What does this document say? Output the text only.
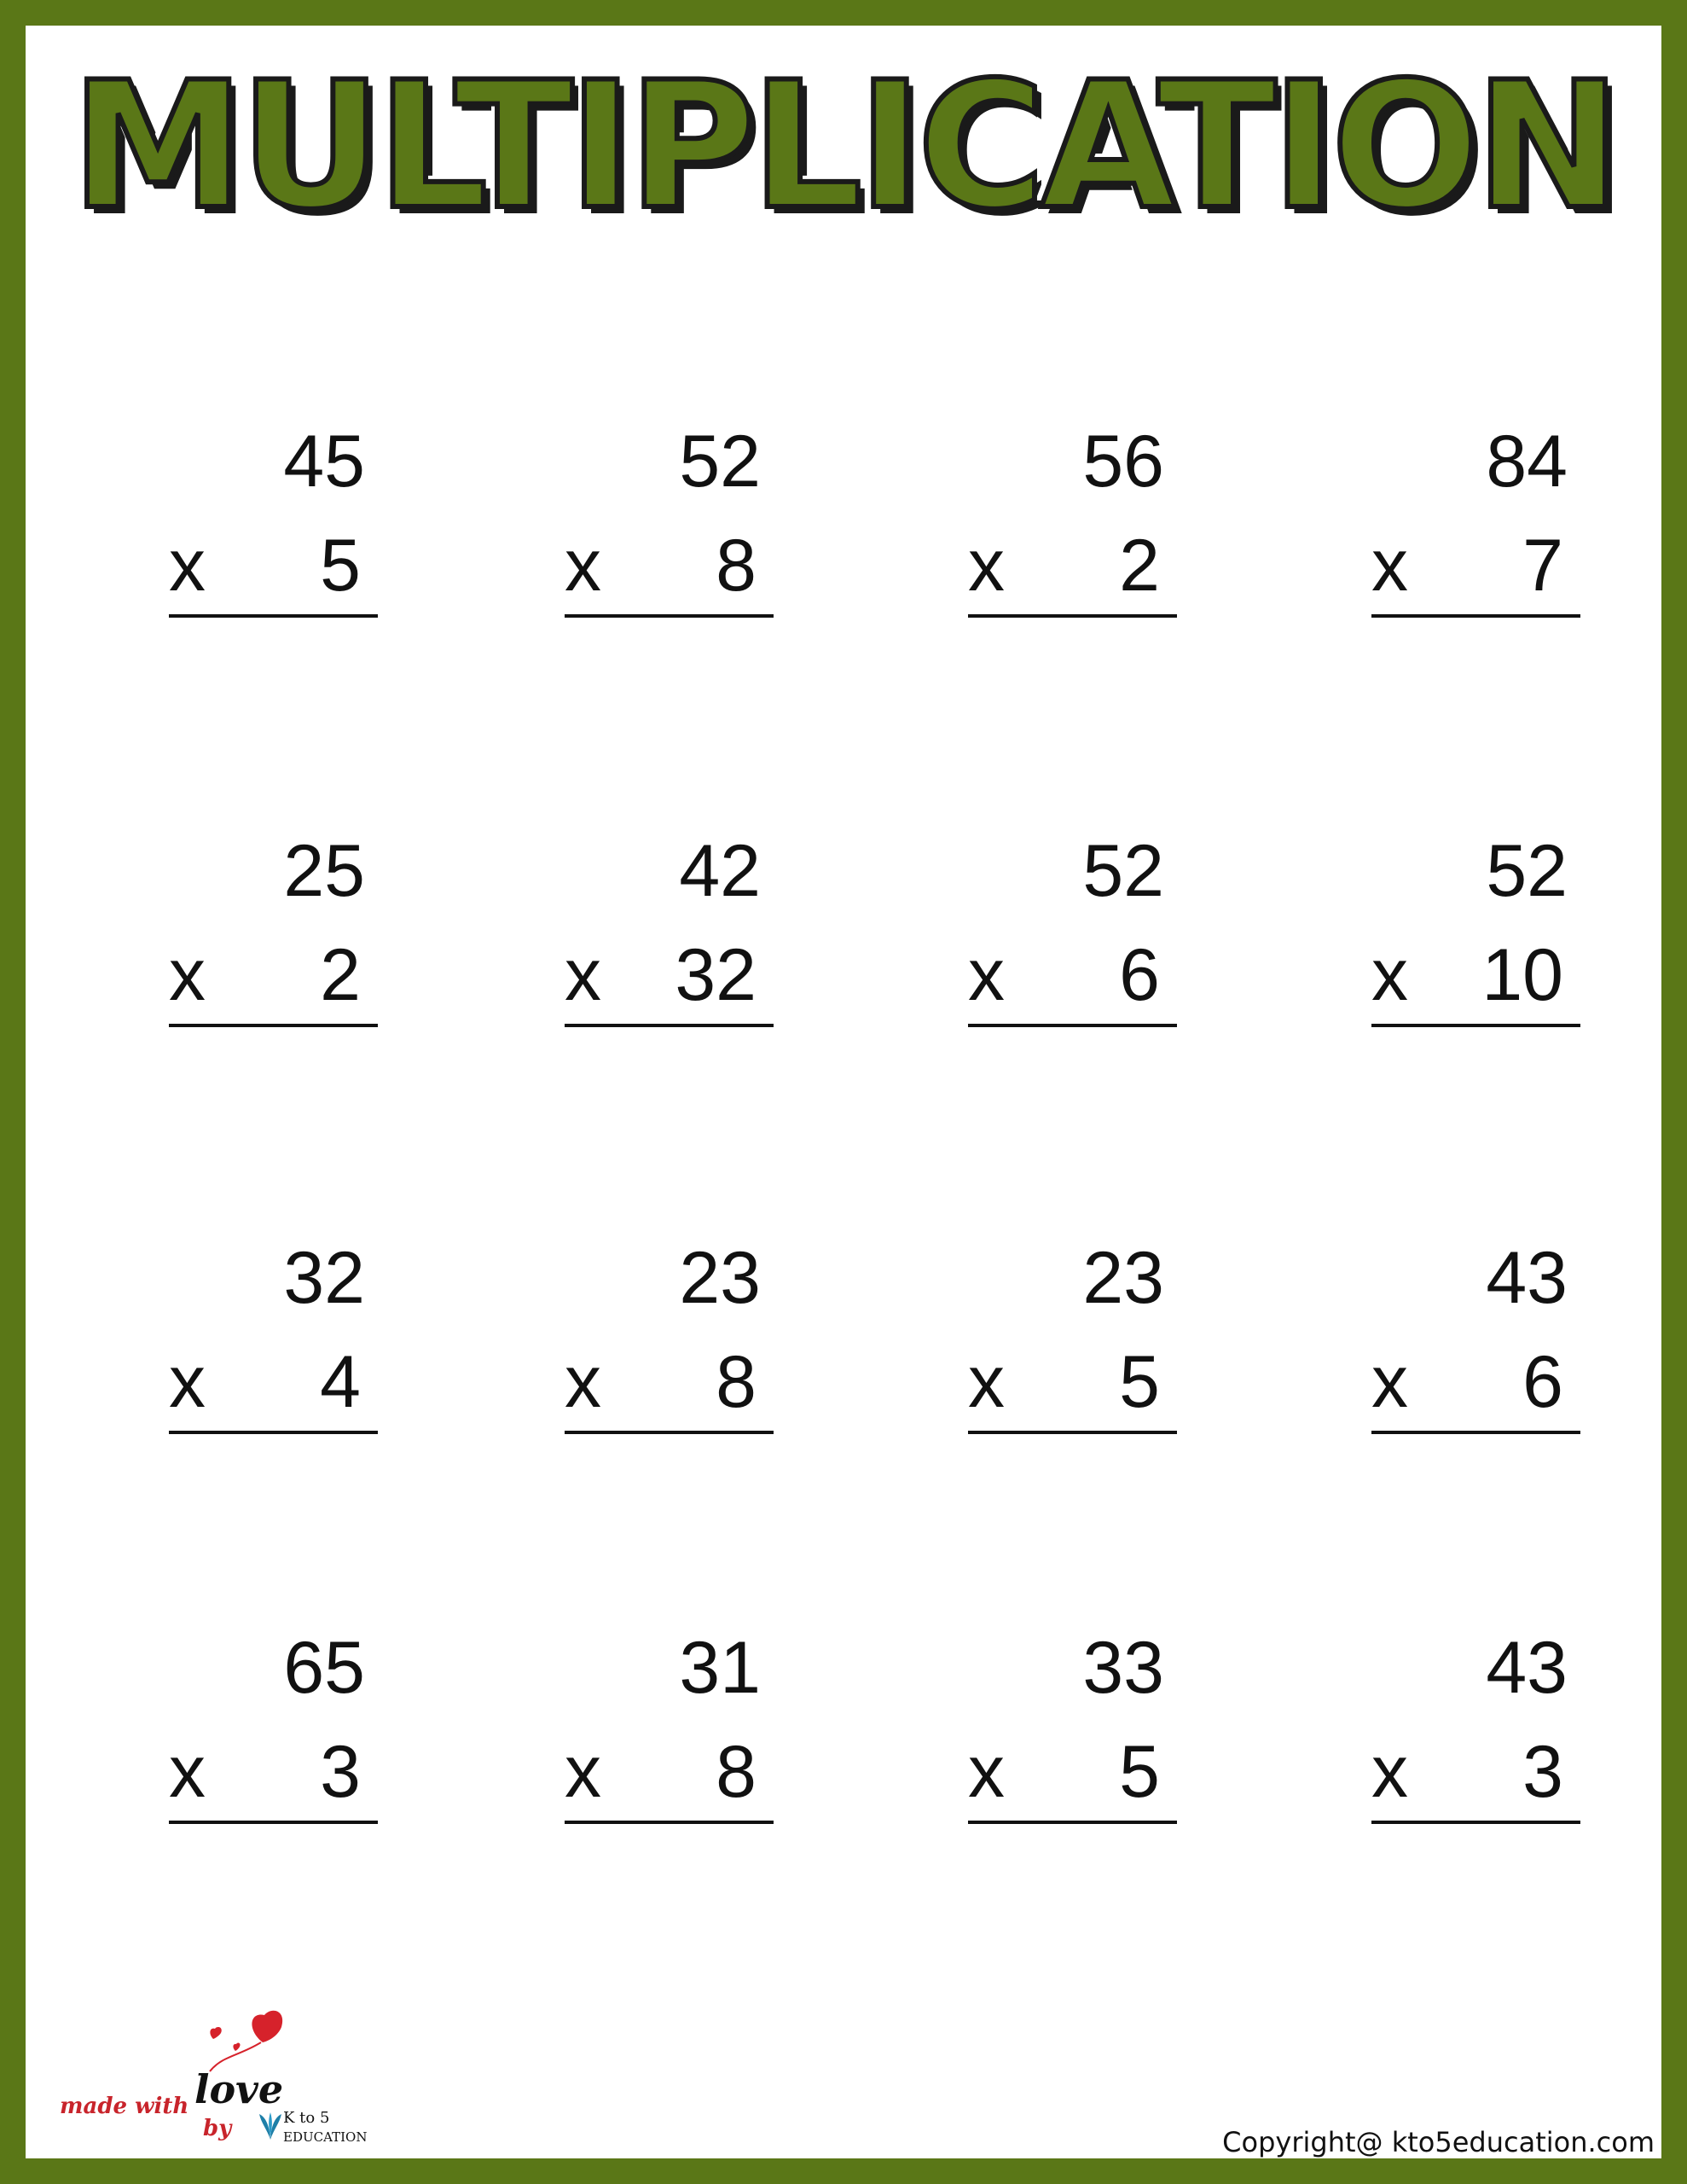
MULTIPLICATION
45
x 5
52
x 8
56
x 2
84
x 7
25
x 2
42
x 32
52
x 6
52
x 10
32
x 4
23
x 8
23
x 5
43
x 6
65
x 3
31
x 8
33
x 5
43
x 3
made with love
by	K to 5
EDUCATION	Copyright@ kto5education.com
